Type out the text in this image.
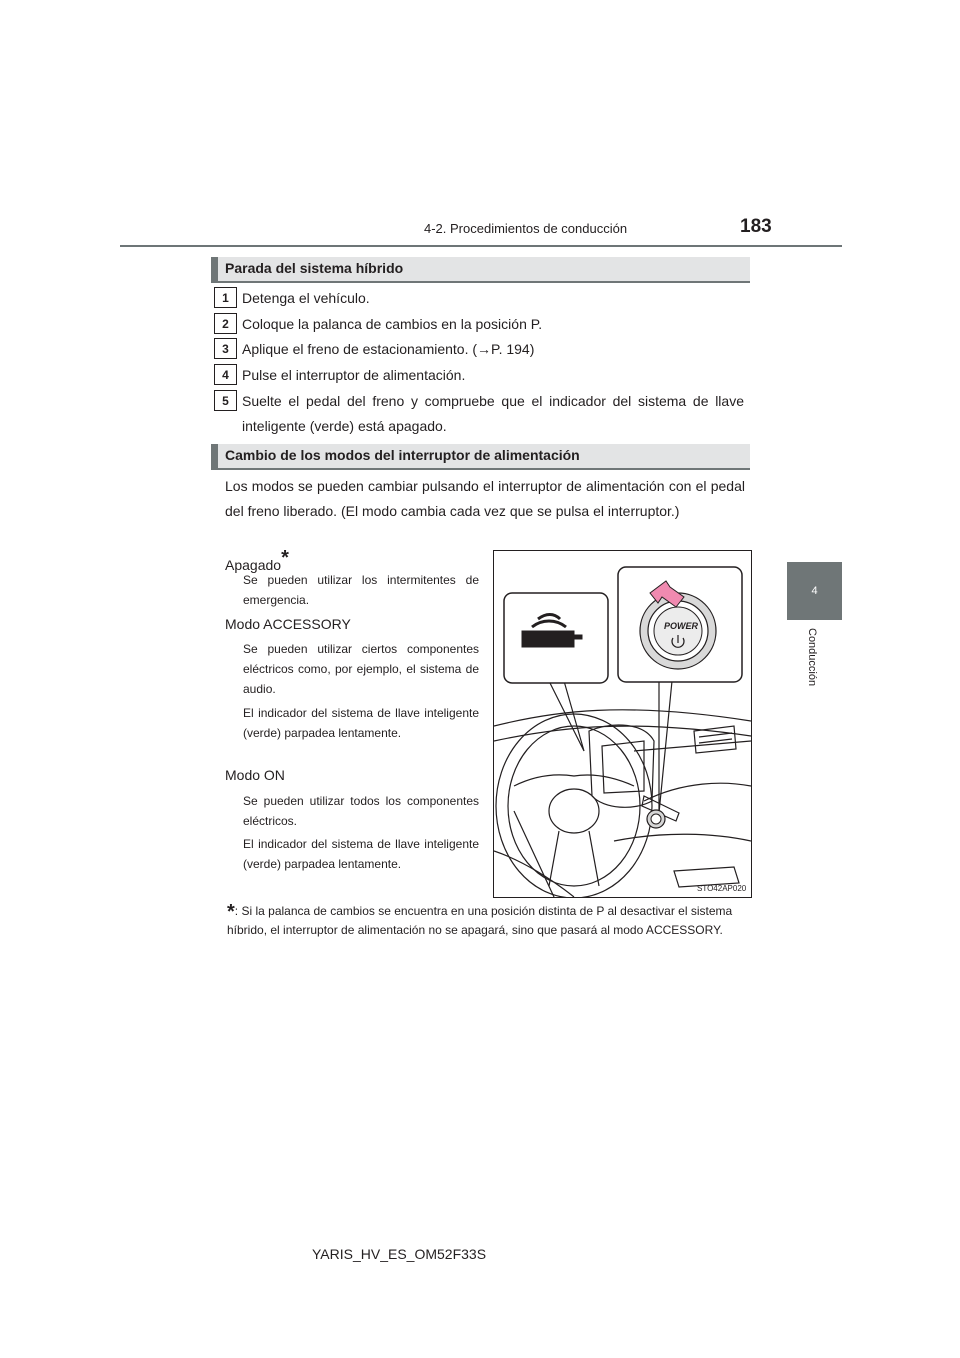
4-2. Procedimientos de conducción	183
4
Conducción
Parada del sistema híbrido
1 Detenga el vehículo.
2 Coloque la palanca de cambios en la posición P.
3 Aplique el freno de estacionamiento. (→P. 194)
4 Pulse el interruptor de alimentación.
5 Suelte el pedal del freno y compruebe que el indicador del sistema de llave inteligente (verde) está apagado.
Cambio de los modos del interruptor de alimentación
Los modos se pueden cambiar pulsando el interruptor de alimentación con el pedal del freno liberado. (El modo cambia cada vez que se pulsa el interruptor.)
Apagado*
Se pueden utilizar los intermitentes de emergencia.
Modo ACCESSORY
Se pueden utilizar ciertos componentes eléctricos como, por ejemplo, el sistema de audio.
El indicador del sistema de llave inteligente (verde) parpadea lentamente.
Modo ON
Se pueden utilizar todos los componentes eléctricos.
El indicador del sistema de llave inteligente (verde) parpadea lentamente.
POWER
STO42AP020
*: Si la palanca de cambios se encuentra en una posición distinta de P al desactivar el sistema híbrido, el interruptor de alimentación no se apagará, sino que pasará al modo ACCESSORY.
YARIS_HV_ES_OM52F33S
